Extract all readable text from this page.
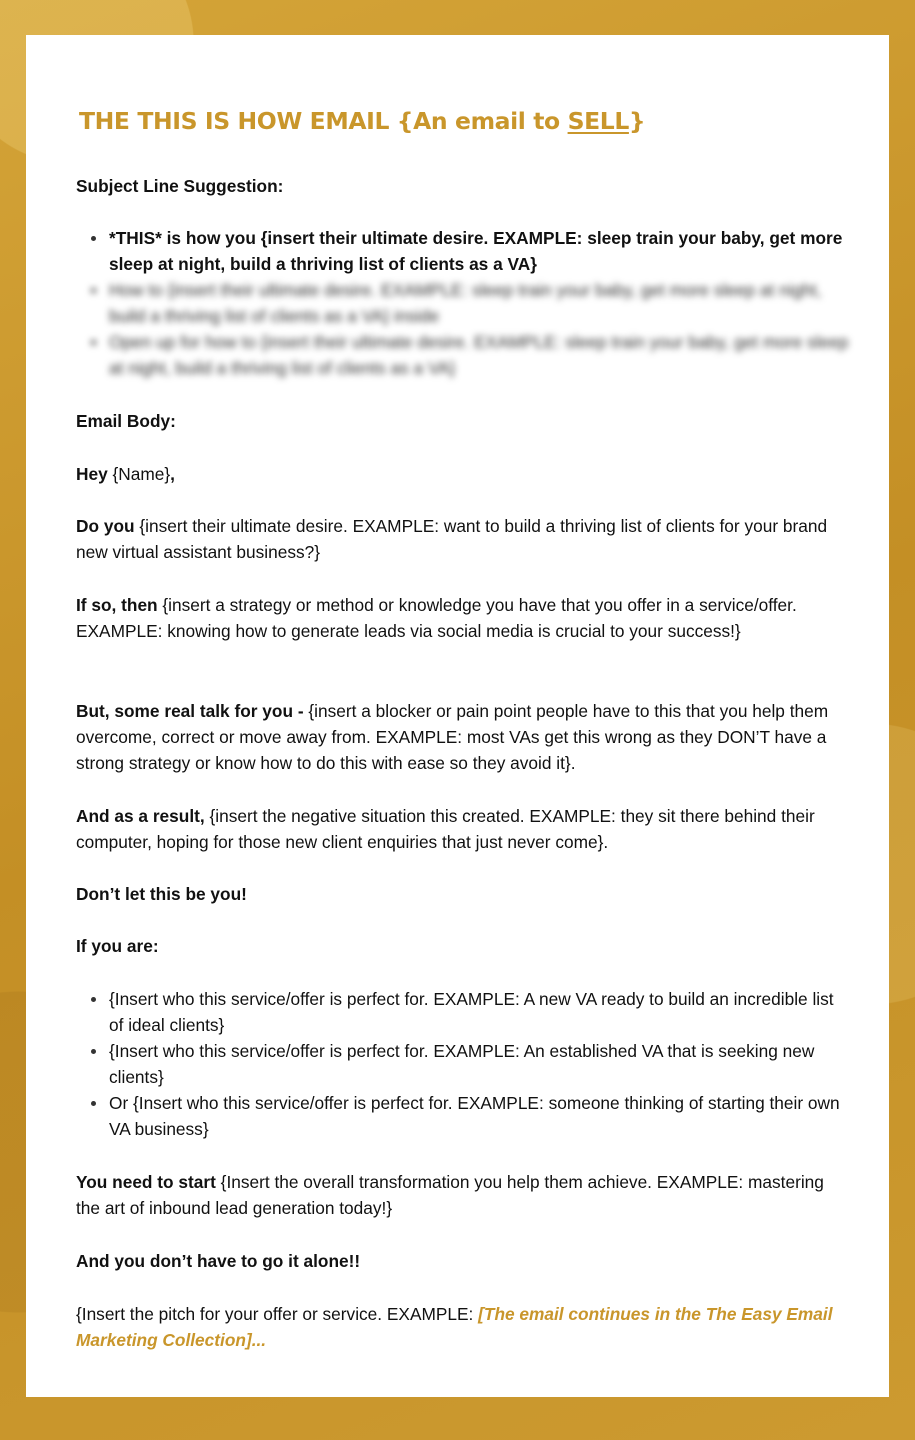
THE THIS IS HOW EMAIL {An email to SELL}

Subject Line Suggestion:

*THIS* is how you {insert their ultimate desire. EXAMPLE: sleep train your baby, get more sleep at night, build a thriving list of clients as a VA}
How to {insert their ultimate desire. EXAMPLE: sleep train your baby, get more sleep at night, build a thriving list of clients as a VA} inside
Open up for how to {insert their ultimate desire. EXAMPLE: sleep train your baby, get more sleep at night, build a thriving list of clients as a VA}

Email Body:

Hey {Name},

Do you {insert their ultimate desire. EXAMPLE: want to build a thriving list of clients for your brand new virtual assistant business?}

If so, then {insert a strategy or method or knowledge you have that you offer in a service/offer. EXAMPLE: knowing how to generate leads via social media is crucial to your success!}

But, some real talk for you - {insert a blocker or pain point people have to this that you help them overcome, correct or move away from. EXAMPLE: most VAs get this wrong as they DON’T have a strong strategy or know how to do this with ease so they avoid it}.

And as a result, {insert the negative situation this created. EXAMPLE: they sit there behind their computer, hoping for those new client enquiries that just never come}.

Don’t let this be you!

If you are:

{Insert who this service/offer is perfect for. EXAMPLE: A new VA ready to build an incredible list of ideal clients}
{Insert who this service/offer is perfect for. EXAMPLE: An established VA that is seeking new clients}
Or {Insert who this service/offer is perfect for. EXAMPLE: someone thinking of starting their own VA business}

You need to start {Insert the overall transformation you help them achieve. EXAMPLE: mastering the art of inbound lead generation today!}

And you don’t have to go it alone!!

{Insert the pitch for your offer or service. EXAMPLE: [The email continues in the The Easy Email Marketing Collection]...
